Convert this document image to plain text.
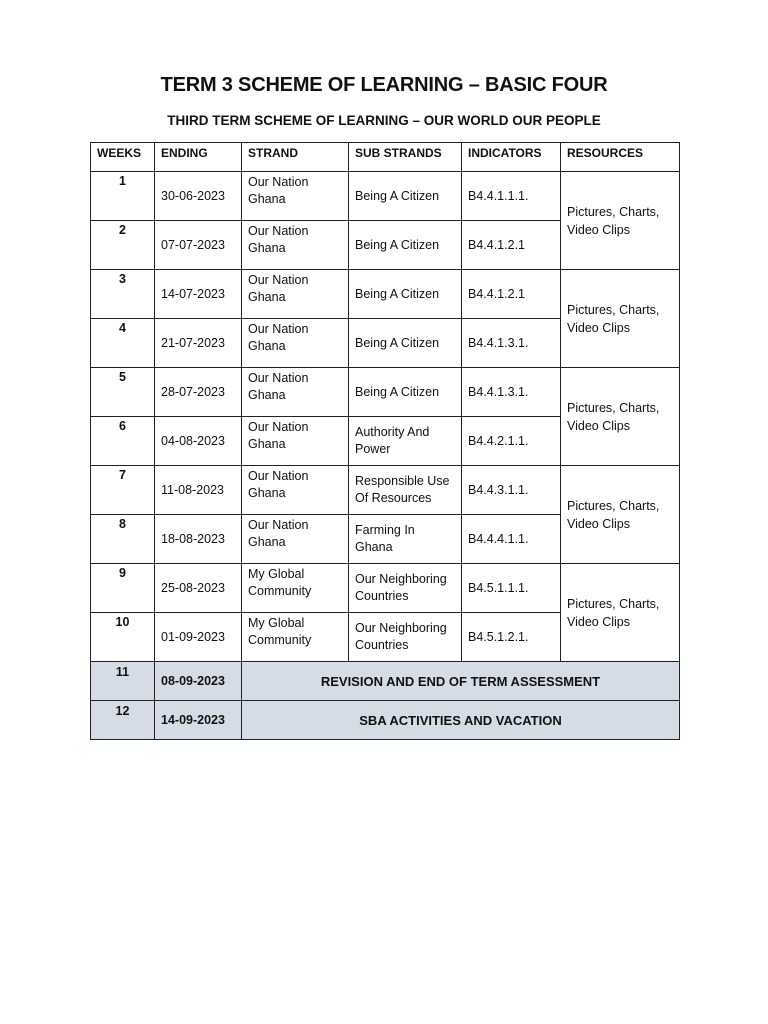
TERM 3 SCHEME OF LEARNING – BASIC FOUR
THIRD TERM SCHEME OF LEARNING – OUR WORLD OUR PEOPLE
WEEKS	ENDING	STRAND	SUB STRANDS	INDICATORS	RESOURCES
1	30-06-2023	Our Nation Ghana	Being A Citizen	B4.4.1.1.1.	Pictures, Charts, Video Clips
2	07-07-2023	Our Nation Ghana	Being A Citizen	B4.4.1.2.1	
3	14-07-2023	Our Nation Ghana	Being A Citizen	B4.4.1.2.1	Pictures, Charts, Video Clips
4	21-07-2023	Our Nation Ghana	Being A Citizen	B4.4.1.3.1.	
5	28-07-2023	Our Nation Ghana	Being A Citizen	B4.4.1.3.1.	Pictures, Charts, Video Clips
6	04-08-2023	Our Nation Ghana	Authority And Power	B4.4.2.1.1.	
7	11-08-2023	Our Nation Ghana	Responsible Use Of Resources	B4.4.3.1.1.	Pictures, Charts, Video Clips
8	18-08-2023	Our Nation Ghana	Farming In Ghana	B4.4.4.1.1.	
9	25-08-2023	My Global Community	Our Neighboring Countries	B4.5.1.1.1.	Pictures, Charts, Video Clips
10	01-09-2023	My Global Community	Our Neighboring Countries	B4.5.1.2.1.	
11	08-09-2023	REVISION AND END OF TERM ASSESSMENT			
12	14-09-2023	SBA ACTIVITIES AND VACATION			
